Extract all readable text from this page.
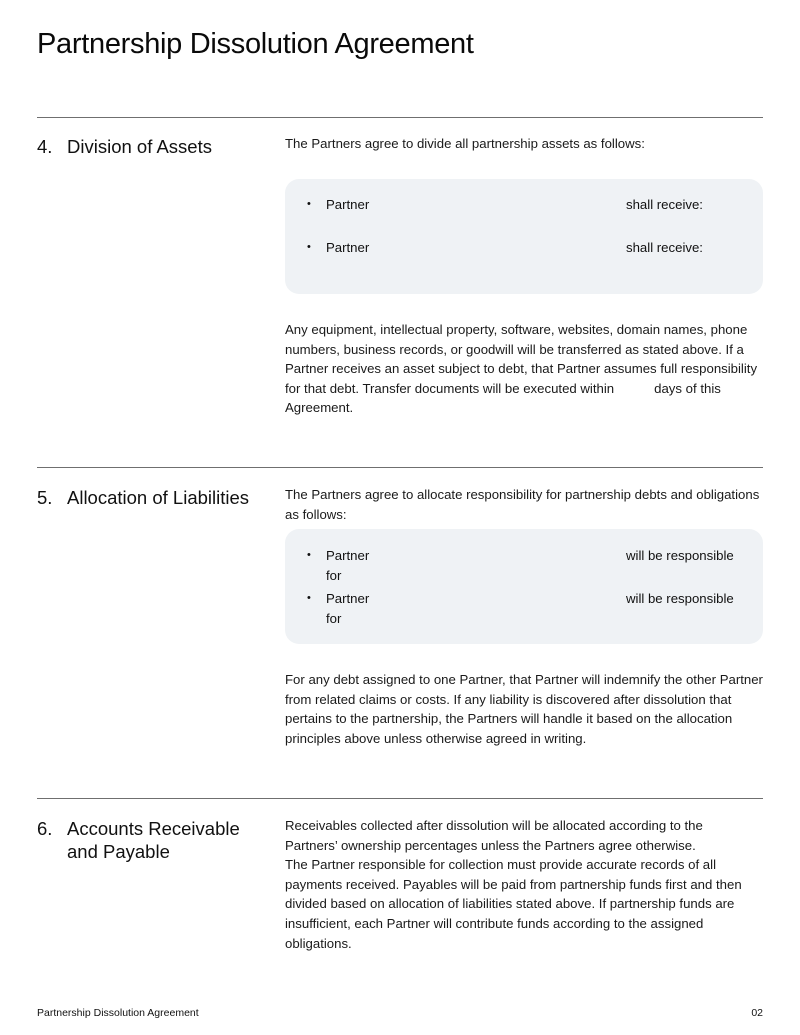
Partnership Dissolution Agreement
4. Division of Assets	The Partners agree to divide all partnership assets as follows:

• Partner	shall receive:
• Partner	shall receive:

Any equipment, intellectual property, software, websites, domain names, phone numbers, business records, or goodwill will be transferred as stated above. If a Partner receives an asset subject to debt, that Partner assumes full responsibility for that debt. Transfer documents will be executed within	days of this Agreement.

5. Allocation of Liabilities	The Partners agree to allocate responsibility for partnership debts and obligations as follows:

• Partner	will be responsible
for
• Partner	will be responsible
for

For any debt assigned to one Partner, that Partner will indemnify the other Partner from related claims or costs. If any liability is discovered after dissolution that pertains to the partnership, the Partners will handle it based on the allocation principles above unless otherwise agreed in writing.

6. Accounts Receivable and Payable

Receivables collected after dissolution will be allocated according to the Partners’ ownership percentages unless the Partners agree otherwise.
The Partner responsible for collection must provide accurate records of all payments received. Payables will be paid from partnership funds first and then divided based on allocation of liabilities stated above. If partnership funds are insufficient, each Partner will contribute funds according to the assigned obligations.

Partnership Dissolution Agreement	02
